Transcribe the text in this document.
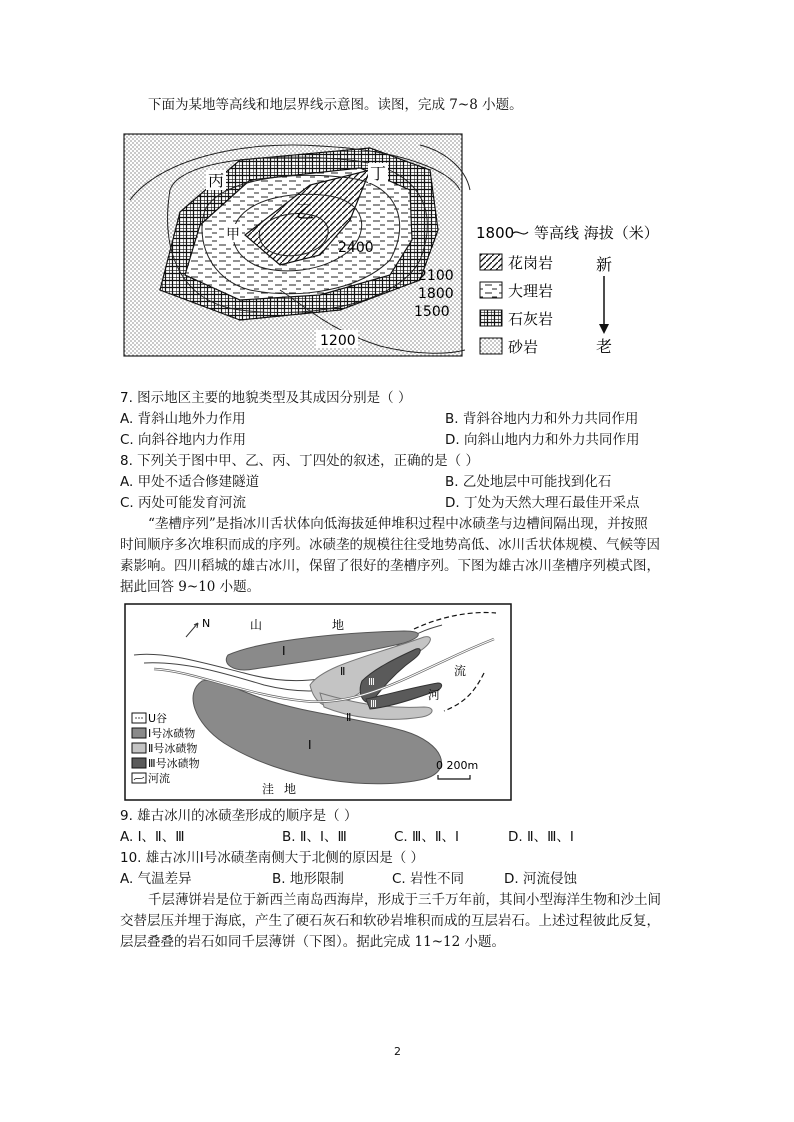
下面为某地等高线和地层界线示意图。读图，完成 7~8 小题。
丙	丁
乙
甲
2400
2100
1800
1500
1200
1800 等高线 海拔（米）
花岗岩
大理岩
石灰岩
砂岩
新
老
7. 图示地区主要的地貌类型及其成因分别是（ ）
A. 背斜山地外力作用	B. 背斜谷地内力和外力共同作用
C. 向斜谷地内力作用	D. 向斜山地内力和外力共同作用
8. 下列关于图中甲、乙、丙、丁四处的叙述，正确的是（ ）
A. 甲处不适合修建隧道	B. 乙处地层中可能找到化石
C. 丙处可能发育河流	D. 丁处为天然大理石最佳开采点
“垄槽序列”是指冰川舌状体向低海拔延伸堆积过程中冰碛垄与边槽间隔出现，并按照
时间顺序多次堆积而成的序列。冰碛垄的规模往往受地势高低、冰川舌状体规模、气候等因
素影响。四川稻城的雄古冰川，保留了很好的垄槽序列。下图为雄古冰川垄槽序列模式图，
据此回答 9~10 小题。
N	山	地
河
流
洼 地
Ⅰ
Ⅰ
Ⅱ
Ⅱ
Ⅲ
Ⅲ
U谷
Ⅰ号冰碛物
Ⅱ号冰碛物
Ⅲ号冰碛物
河流
0 200m
9. 雄古冰川的冰碛垄形成的顺序是（ ）
A. Ⅰ、Ⅱ、Ⅲ	B. Ⅱ、Ⅰ、Ⅲ	C. Ⅲ、Ⅱ、Ⅰ	D. Ⅱ、Ⅲ、Ⅰ
10. 雄古冰川Ⅰ号冰碛垄南侧大于北侧的原因是（ ）
A. 气温差异	B. 地形限制	C. 岩性不同	D. 河流侵蚀
千层薄饼岩是位于新西兰南岛西海岸，形成于三千万年前，其间小型海洋生物和沙土间
交替层压并埋于海底，产生了硬石灰石和软砂岩堆积而成的互层岩石。上述过程彼此反复，
层层叠叠的岩石如同千层薄饼（下图）。据此完成 11~12 小题。
2
